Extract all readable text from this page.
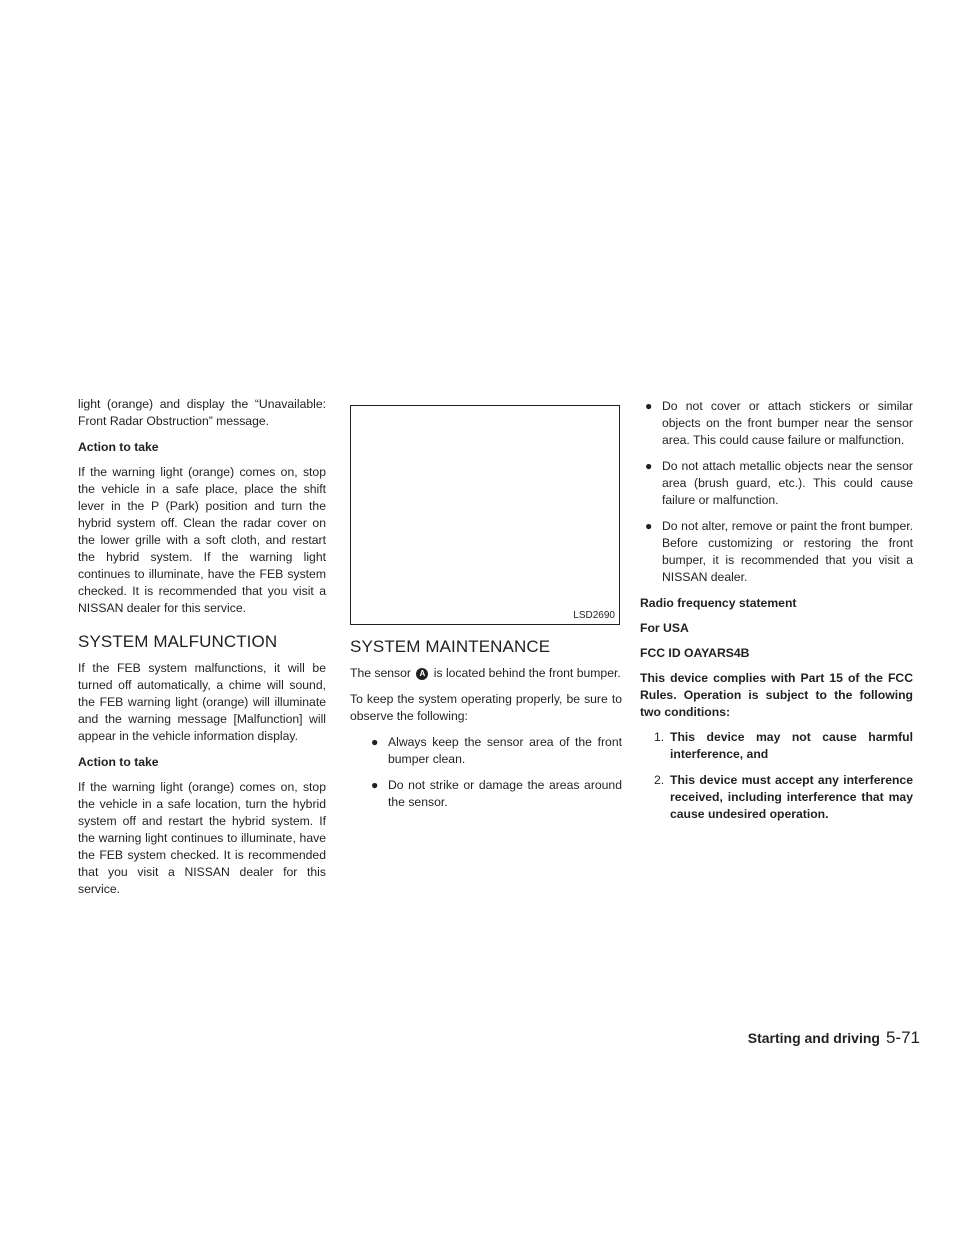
light (orange) and display the “Unavailable: Front Radar Obstruction” message.

Action to take

If the warning light (orange) comes on, stop the vehicle in a safe place, place the shift lever in the P (Park) position and turn the hybrid system off. Clean the radar cover on the lower grille with a soft cloth, and restart the hybrid system. If the warning light continues to illuminate, have the FEB system checked. It is recommended that you visit a NISSAN dealer for this service.

SYSTEM MALFUNCTION

If the FEB system malfunctions, it will be turned off automatically, a chime will sound, the FEB warning light (orange) will illuminate and the warning message [Malfunction] will appear in the vehicle information display.

Action to take

If the warning light (orange) comes on, stop the vehicle in a safe location, turn the hybrid system off and restart the hybrid system. If the warning light continues to illuminate, have the FEB system checked. It is recommended that you visit a NISSAN dealer for this service.

LSD2690
SYSTEM MAINTENANCE

The sensor A is located behind the front bumper.

To keep the system operating properly, be sure to observe the following:

● Always keep the sensor area of the front bumper clean.
● Do not strike or damage the areas around the sensor.
● Do not cover or attach stickers or similar objects on the front bumper near the sensor area. This could cause failure or malfunction.
● Do not attach metallic objects near the sensor area (brush guard, etc.). This could cause failure or malfunction.
● Do not alter, remove or paint the front bumper. Before customizing or restoring the front bumper, it is recommended that you visit a NISSAN dealer.
Radio frequency statement
For USA
FCC ID OAYARS4B

This device complies with Part 15 of the FCC Rules. Operation is subject to the following two conditions:

1. This device may not cause harmful interference, and
2. This device must accept any interference received, including interference that may cause undesired operation.
Starting and driving 5-71
